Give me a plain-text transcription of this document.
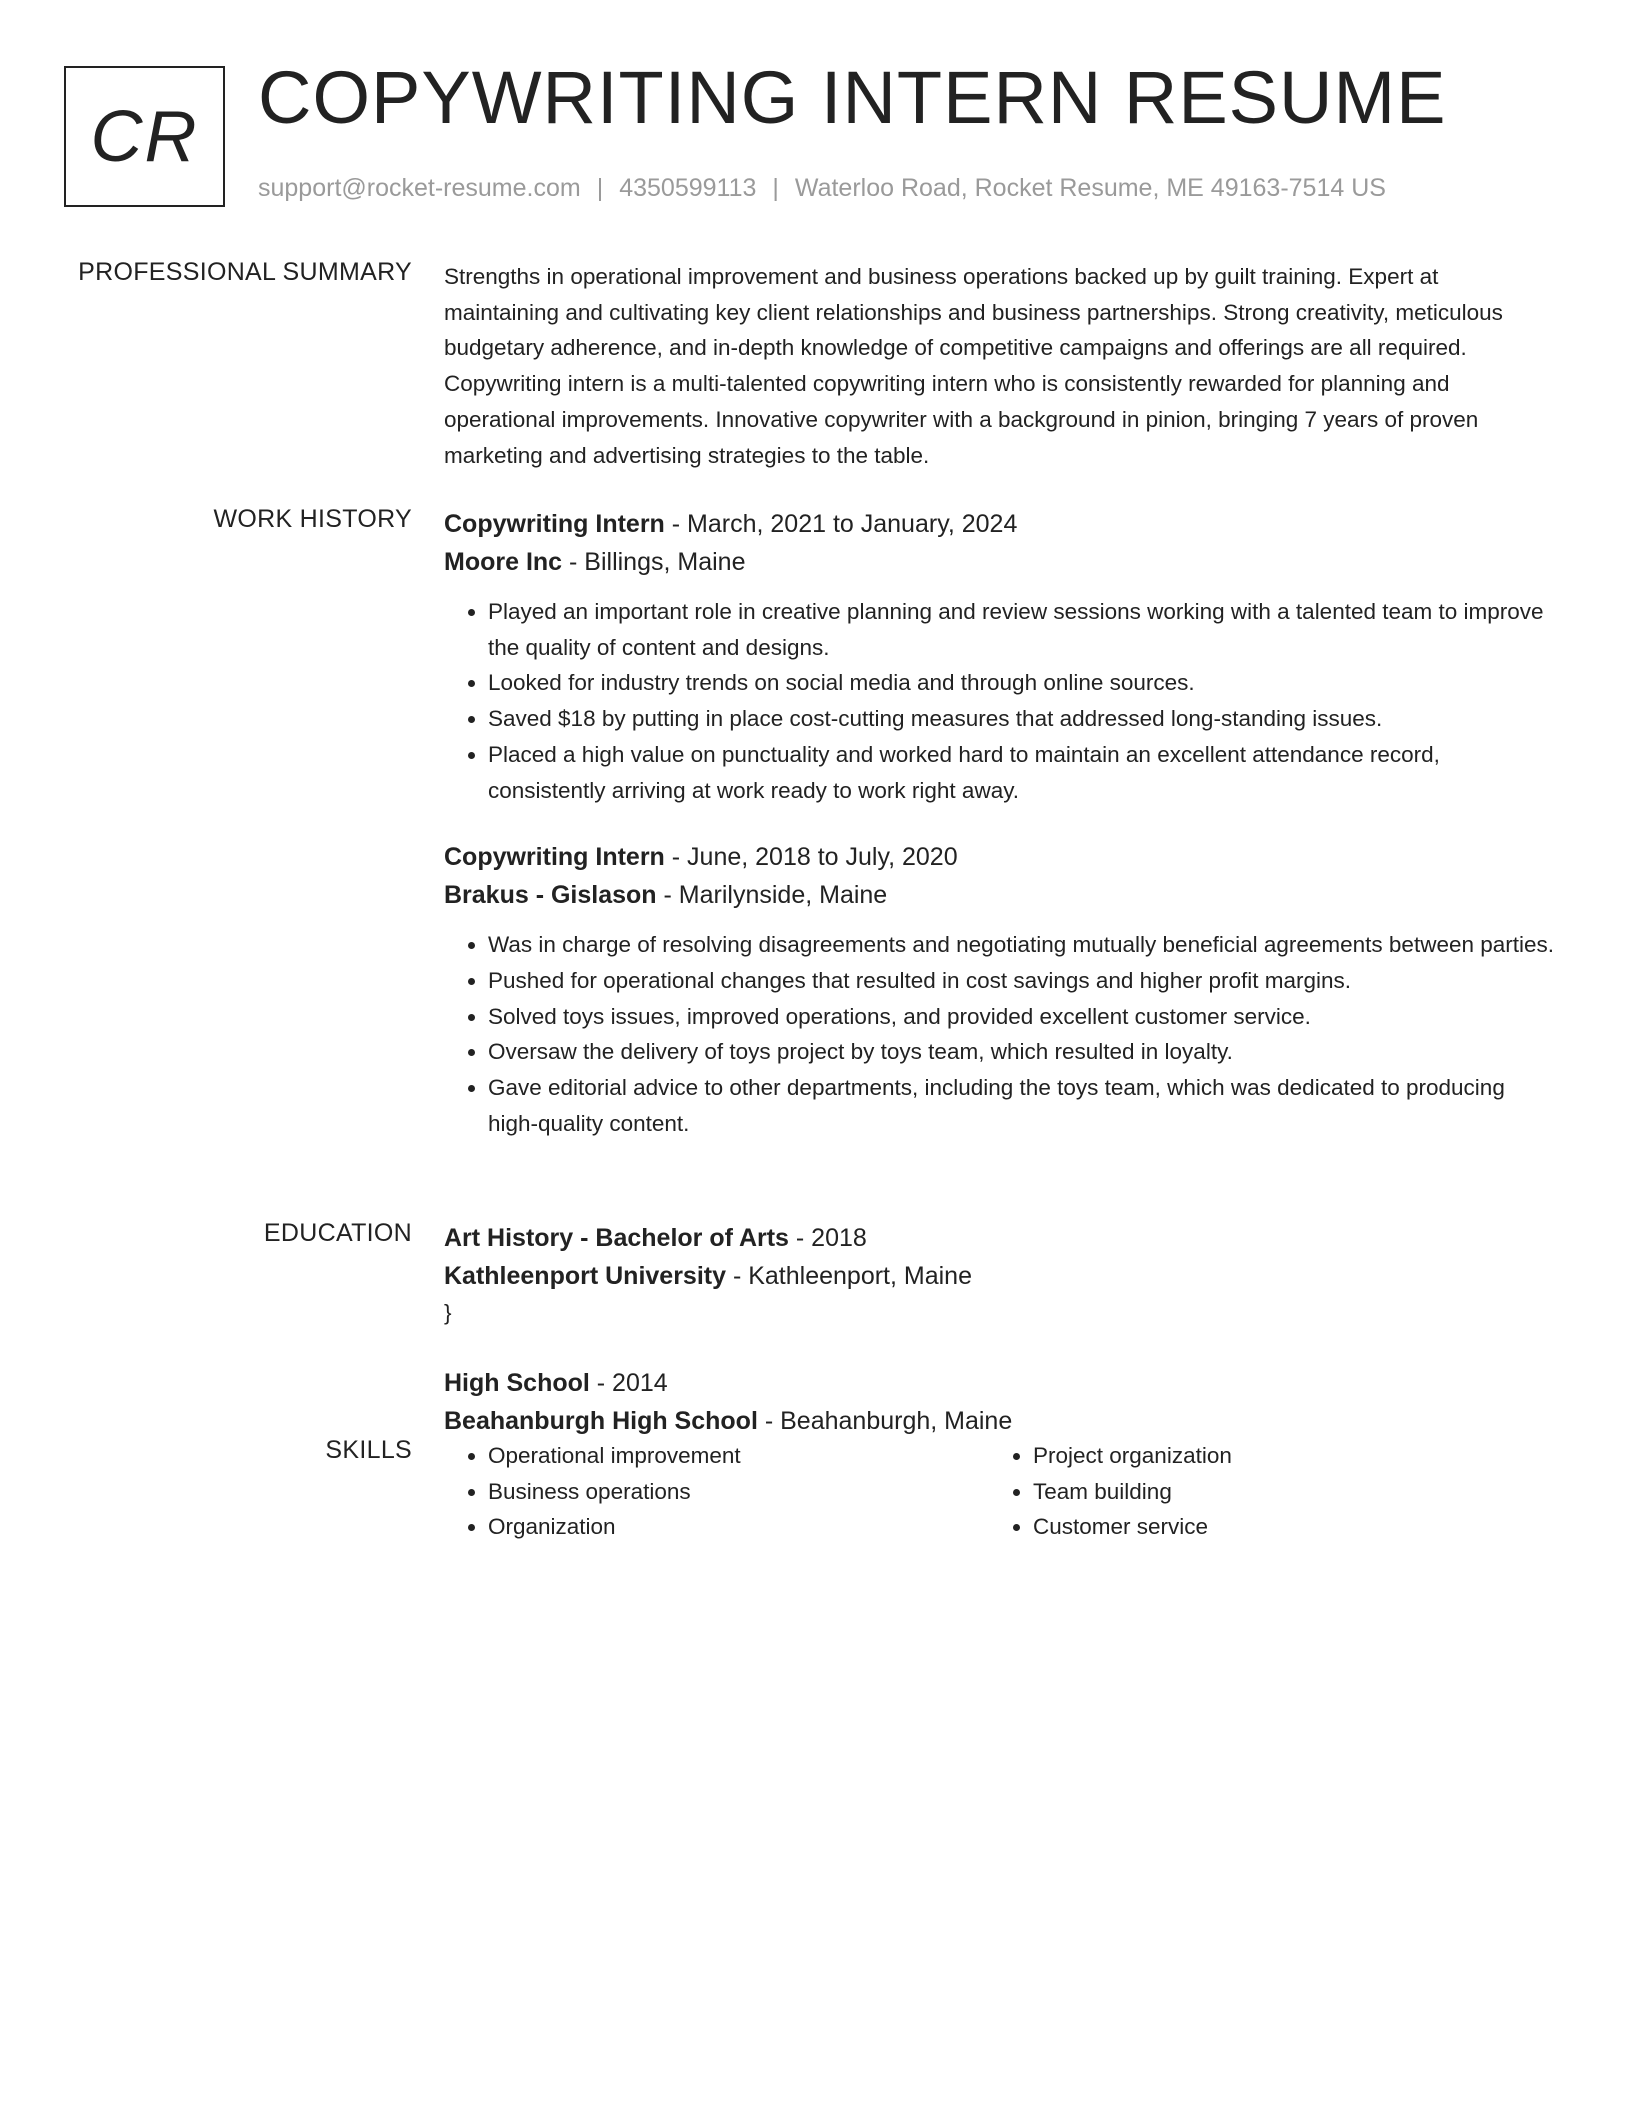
CR COPYWRITING INTERN RESUME
support@rocket-resume.com | 4350599113 | Waterloo Road, Rocket Resume, ME 49163-7514 US
PROFESSIONAL SUMMARY Strengths in operational improvement and business operations backed up by guilt training. Expert at maintaining and cultivating key client relationships and business partnerships. Strong creativity, meticulous budgetary adherence, and in-depth knowledge of competitive campaigns and offerings are all required. Copywriting intern is a multi-talented copywriting intern who is consistently rewarded for planning and operational improvements. Innovative copywriter with a background in pinion, bringing 7 years of proven marketing and advertising strategies to the table.

WORK HISTORY Copywriting Intern - March, 2021 to January, 2024
Moore Inc - Billings, Maine
• Played an important role in creative planning and review sessions working with a talented team to improve the quality of content and designs.
• Looked for industry trends on social media and through online sources.
• Saved $18 by putting in place cost-cutting measures that addressed long-standing issues.
• Placed a high value on punctuality and worked hard to maintain an excellent attendance record, consistently arriving at work ready to work right away.
Copywriting Intern - June, 2018 to July, 2020
Brakus - Gislason - Marilynside, Maine
• Was in charge of resolving disagreements and negotiating mutually beneficial agreements between parties.
• Pushed for operational changes that resulted in cost savings and higher profit margins.
• Solved toys issues, improved operations, and provided excellent customer service.
• Oversaw the delivery of toys project by toys team, which resulted in loyalty.
• Gave editorial advice to other departments, including the toys team, which was dedicated to producing high-quality content.
EDUCATION Art History - Bachelor of Arts - 2018
Kathleenport University - Kathleenport, Maine
}
High School - 2014
Beahanburgh High School - Beahanburgh, Maine
SKILLS
•	Operational improvement
• Business operations
• Organization
• Project organization
• Team building
• Customer service
